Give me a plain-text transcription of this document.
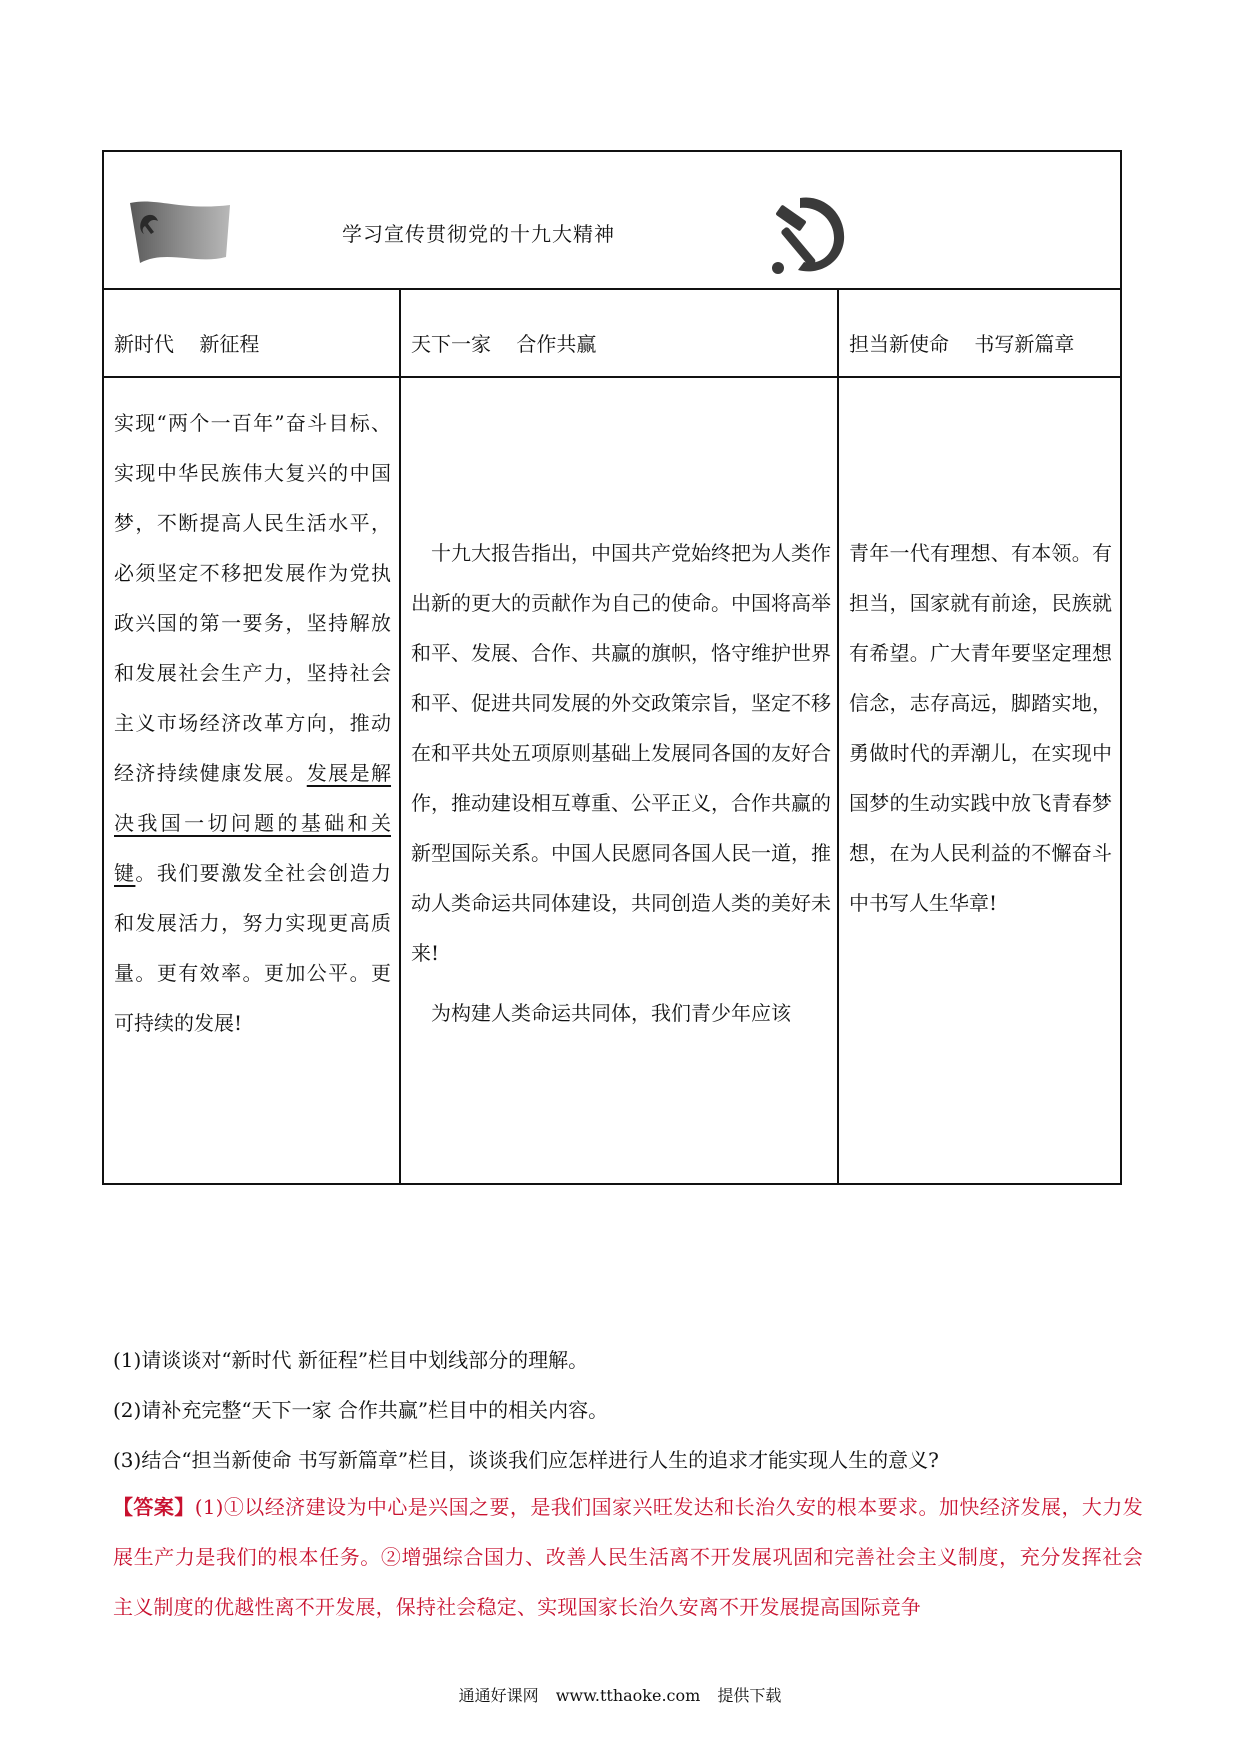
学习宣传贯彻党的十九大精神
新时代    新征程

实现“两个一百年”奋斗目标、实现中华民族伟大复兴的中国梦，不断提高人民生活水平，必须坚定不移把发展作为党执政兴国的第一要务，坚持解放和发展社会生产力，坚持社会主义市场经济改革方向，推动经济持续健康发展。发展是解决我国一切问题的基础和关键。我们要激发全社会创造力和发展活力，努力实现更高质量。更有效率。更加公平。更可持续的发展!

天下一家    合作共赢

十九大报告指出，中国共产党始终把为人类作出新的更大的贡献作为自己的使命。中国将高举和平、发展、合作、共赢的旗帜，恪守维护世界和平、促进共同发展的外交政策宗旨，坚定不移在和平共处五项原则基础上发展同各国的友好合作，推动建设相互尊重、公平正义，合作共赢的新型国际关系。中国人民愿同各国人民一道，推动人类命运共同体建设，共同创造人类的美好未来!

为构建人类命运共同体，我们青少年应该

担当新使命    书写新篇章

青年一代有理想、有本领。有担当，国家就有前途，民族就有希望。广大青年要坚定理想信念，志存高远，脚踏实地，勇做时代的弄潮儿，在实现中国梦的生动实践中放飞青春梦想，在为人民利益的不懈奋斗中书写人生华章!

(1)请谈谈对“新时代 新征程”栏目中划线部分的理解。

(2)请补充完整“天下一家 合作共赢”栏目中的相关内容。

(3)结合“担当新使命 书写新篇章”栏目，谈谈我们应怎样进行人生的追求才能实现人生的意义?

【答案】(1)①以经济建设为中心是兴国之要，是我们国家兴旺发达和长治久安的根本要求。加快经济发展，大力发展生产力是我们的根本任务。②增强综合国力、改善人民生活离不开发展巩固和完善社会主义制度，充分发挥社会主义制度的优越性离不开发展，保持社会稳定、实现国家长治久安离不开发展提高国际竞争

通通好课网 www.tthaoke.com 提供下载
